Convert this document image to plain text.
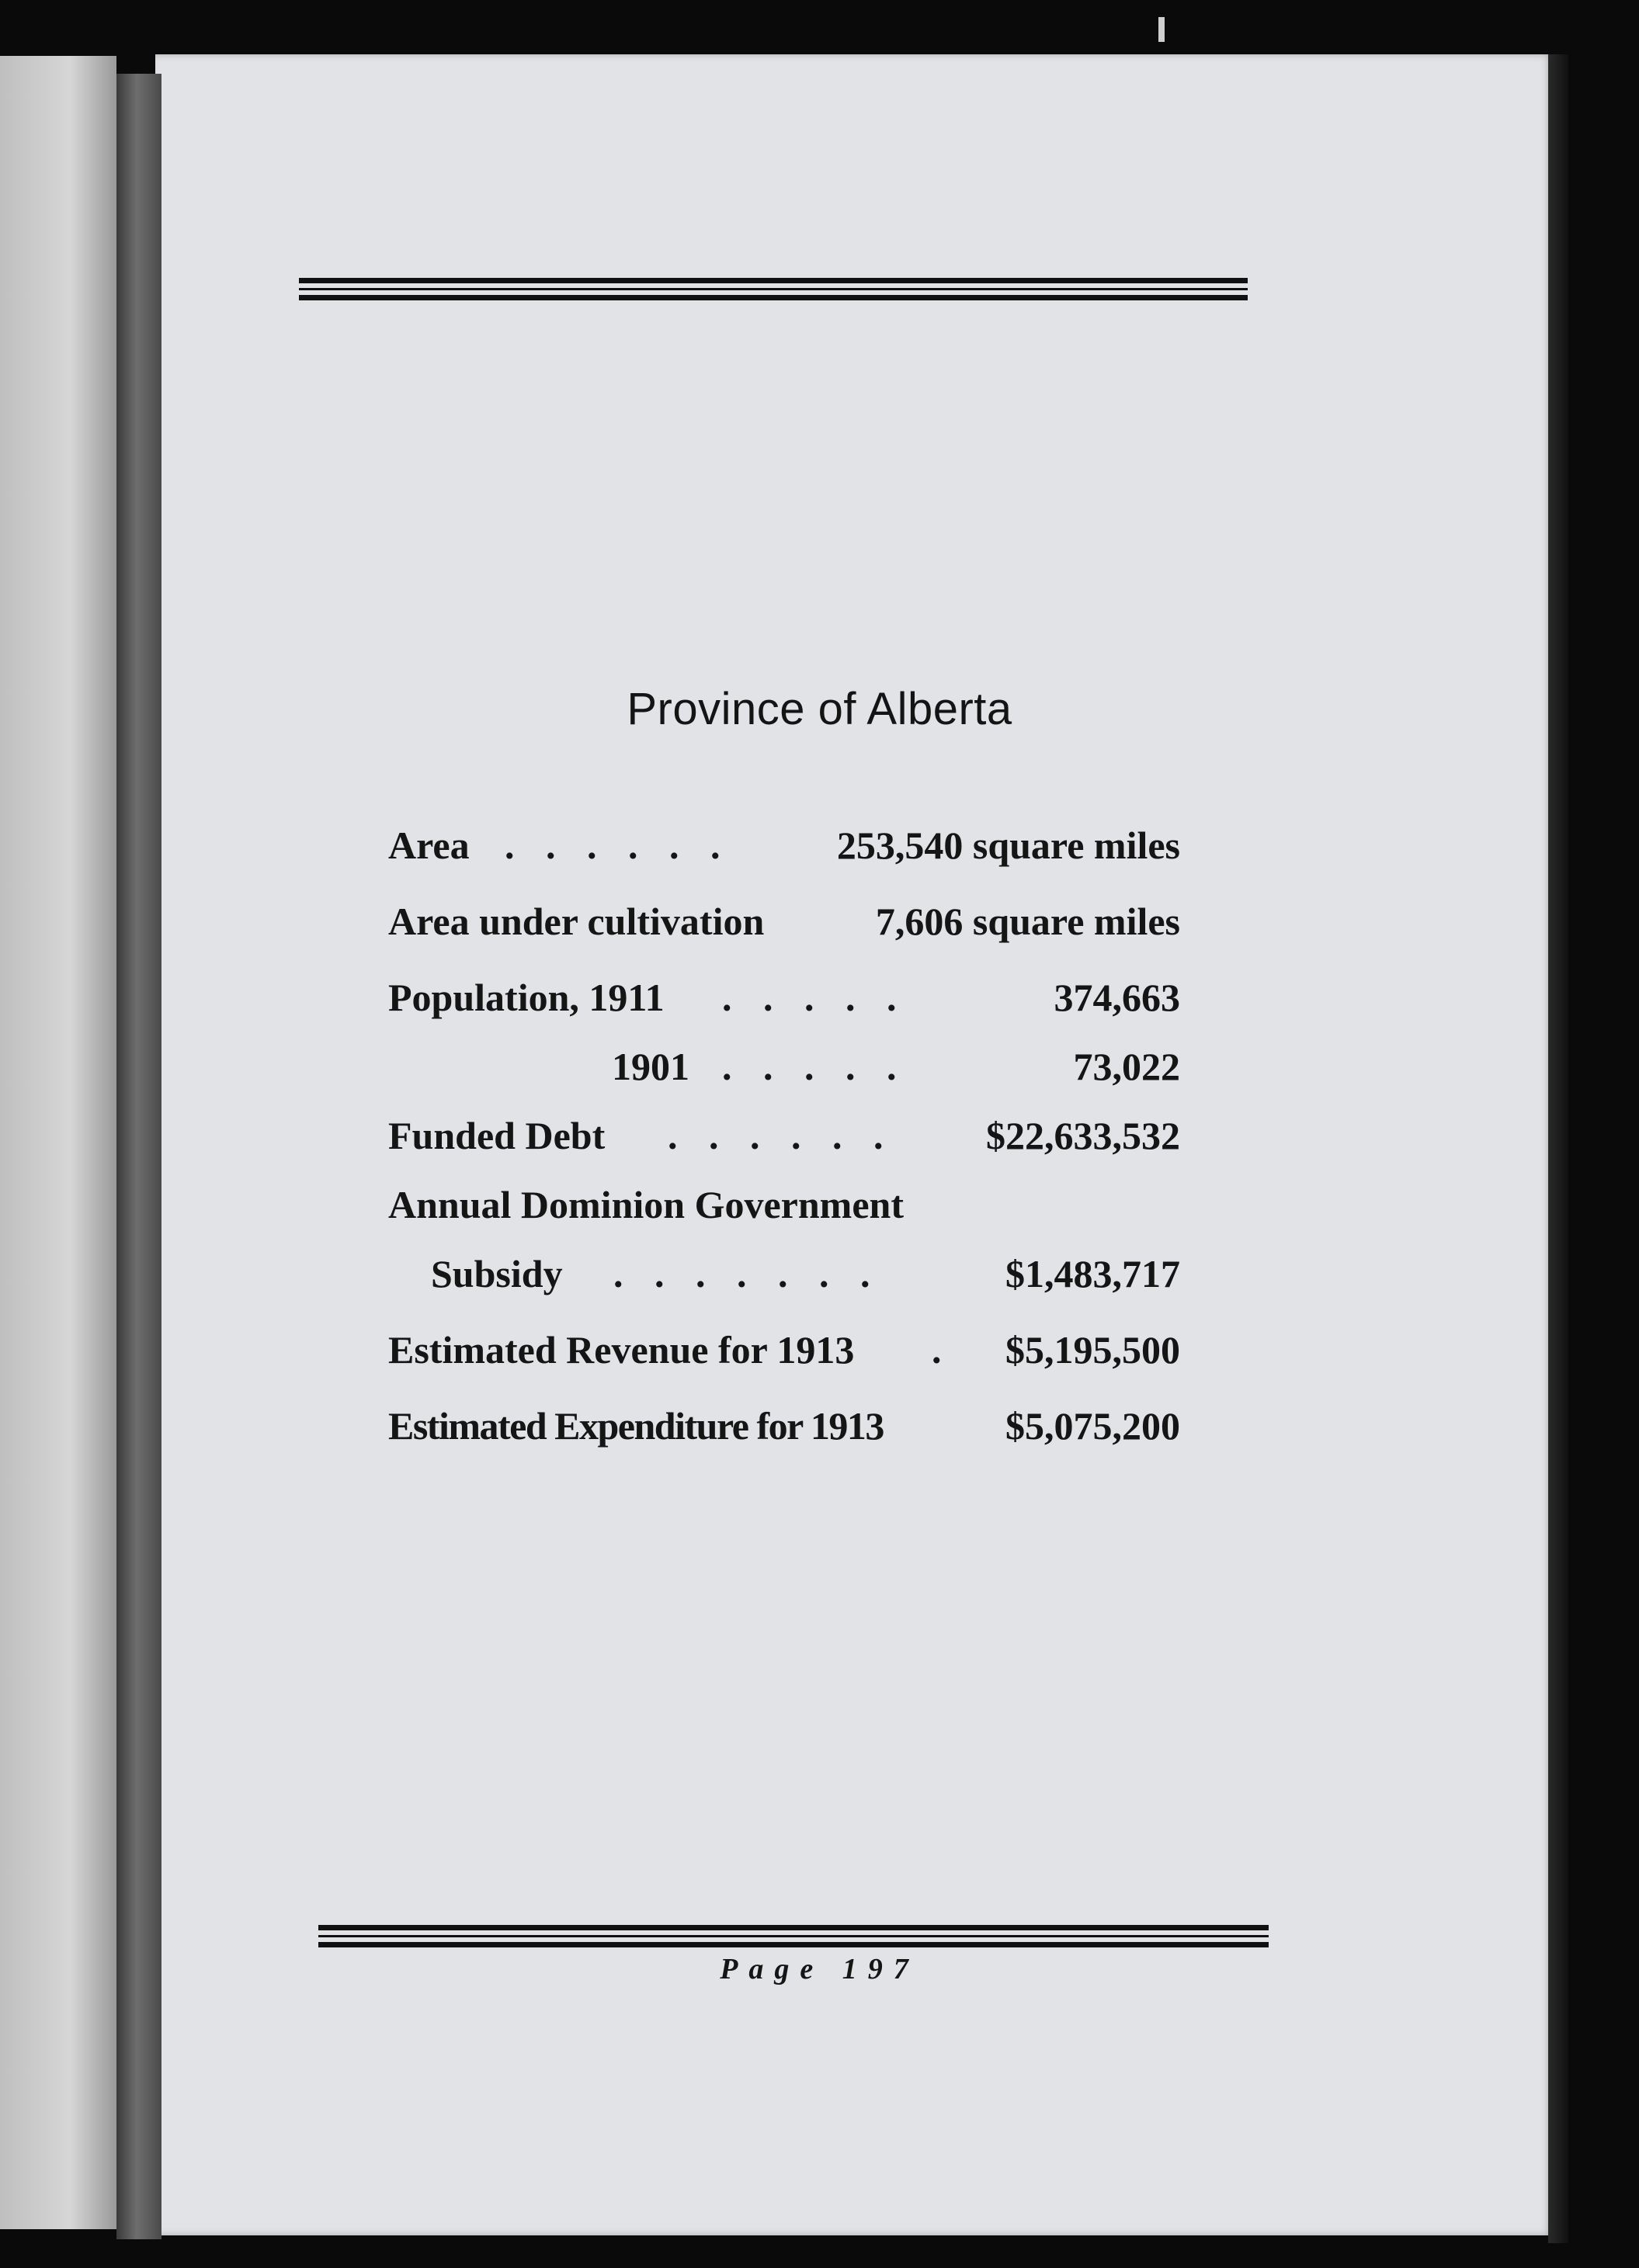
Province of Alberta
Area . . . . . .	253,540 square miles
Area under cultivation	7,606 square miles
Population, 1911 . . . . .	374,663
1901 . . . . .	73,022
Funded Debt . . . . . . $22,633,532
Annual Dominion Government
Subsidy . . . . . . .	$1,483,717
Estimated Revenue for 1913 . $5,195,500
Estimated Expenditure for 1913	$5,075,200
Page 197
